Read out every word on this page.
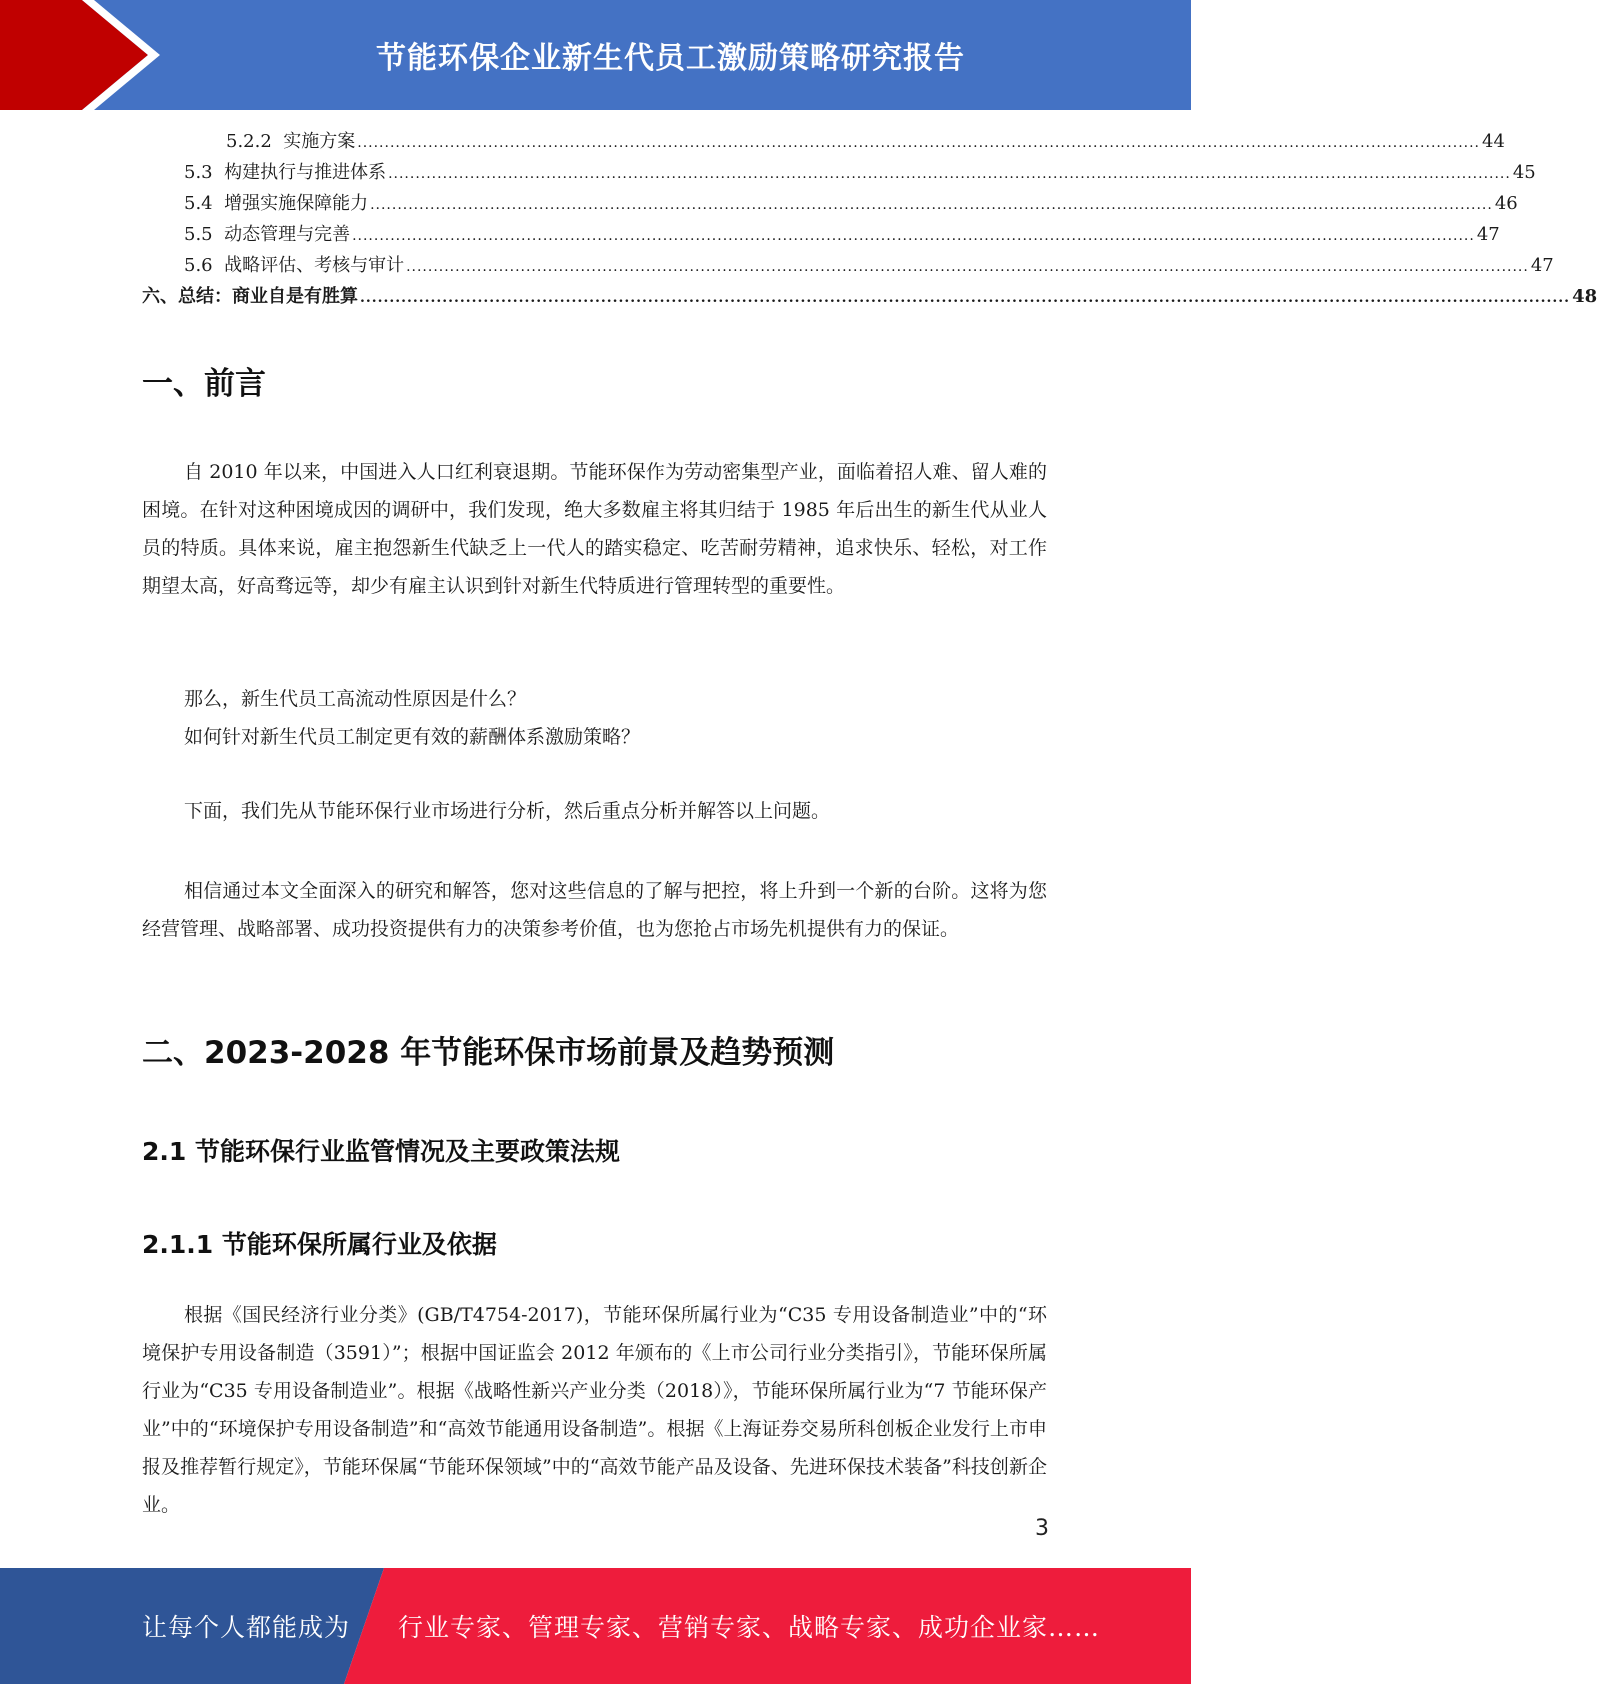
节能环保企业新生代员工激励策略研究报告
5.2.2 实施方案 .............................................................................................................................................................................................................. 44
5.3 构建执行与推进体系 .............................................................................................................................................................................................................. 45
5.4 增强实施保障能力 .............................................................................................................................................................................................................. 46
5.5 动态管理与完善 .............................................................................................................................................................................................................. 47
5.6 战略评估、考核与审计 .............................................................................................................................................................................................................. 47
六、总结：商业自是有胜算 .............................................................................................................................................................................................................. 48
一、前言

自 2010 年以来，中国进入人口红利衰退期。节能环保作为劳动密集型产业，面临着招人难、留人难的困境。在针对这种困境成因的调研中，我们发现，绝大多数雇主将其归结于 1985 年后出生的新生代从业人员的特质。具体来说，雇主抱怨新生代缺乏上一代人的踏实稳定、吃苦耐劳精神，追求快乐、轻松，对工作期望太高，好高骛远等，却少有雇主认识到针对新生代特质进行管理转型的重要性。

那么，新生代员工高流动性原因是什么？
如何针对新生代员工制定更有效的薪酬体系激励策略？

下面，我们先从节能环保行业市场进行分析，然后重点分析并解答以上问题。

相信通过本文全面深入的研究和解答，您对这些信息的了解与把控，将上升到一个新的台阶。这将为您经营管理、战略部署、成功投资提供有力的决策参考价值，也为您抢占市场先机提供有力的保证。

二、2023-2028 年节能环保市场前景及趋势预测
2.1 节能环保行业监管情况及主要政策法规
2.1.1 节能环保所属行业及依据

根据《国民经济行业分类》(GB/T4754-2017)，节能环保所属行业为“C35 专用设备制造业”中的“环境保护专用设备制造（3591）”；根据中国证监会 2012 年颁布的《上市公司行业分类指引》，节能环保所属行业为“C35 专用设备制造业”。根据《战略性新兴产业分类（2018）》，节能环保所属行业为“7 节能环保产业”中的“环境保护专用设备制造”和“高效节能通用设备制造”。根据《上海证券交易所科创板企业发行上市申报及推荐暂行规定》，节能环保属“节能环保领域”中的“高效节能产品及设备、先进环保技术装备”科技创新企业。

3
让每个人都能成为 行业专家、管理专家、营销专家、战略专家、成功企业家……
